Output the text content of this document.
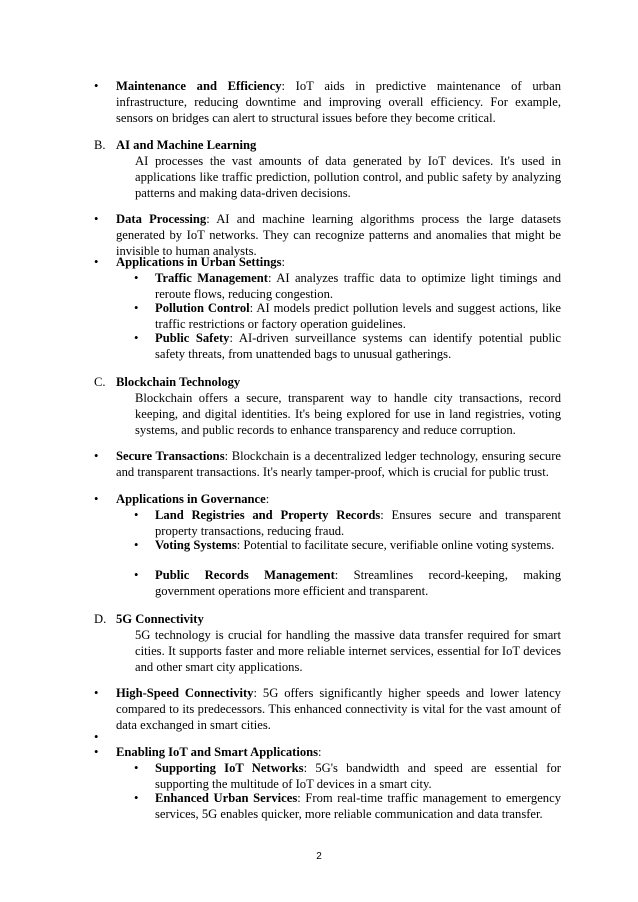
• Maintenance and Efficiency: IoT aids in predictive maintenance of urban infrastructure, reducing downtime and improving overall efficiency. For example, sensors on bridges can alert to structural issues before they become critical.
B. AI and Machine Learning
AI processes the vast amounts of data generated by IoT devices. It's used in applications like traffic prediction, pollution control, and public safety by analyzing patterns and making data-driven decisions.
• Data Processing: AI and machine learning algorithms process the large datasets generated by IoT networks. They can recognize patterns and anomalies that might be invisible to human analysts.
• Applications in Urban Settings:
• Traffic Management: AI analyzes traffic data to optimize light timings and reroute flows, reducing congestion.
• Pollution Control: AI models predict pollution levels and suggest actions, like traffic restrictions or factory operation guidelines.
• Public Safety: AI-driven surveillance systems can identify potential public safety threats, from unattended bags to unusual gatherings.
C. Blockchain Technology
Blockchain offers a secure, transparent way to handle city transactions, record keeping, and digital identities. It's being explored for use in land registries, voting systems, and public records to enhance transparency and reduce corruption.
• Secure Transactions: Blockchain is a decentralized ledger technology, ensuring secure and transparent transactions. It's nearly tamper-proof, which is crucial for public trust.
• Applications in Governance:
• Land Registries and Property Records: Ensures secure and transparent property transactions, reducing fraud.
• Voting Systems: Potential to facilitate secure, verifiable online voting systems.
• Public Records Management: Streamlines record-keeping, making government operations more efficient and transparent.
D. 5G Connectivity
5G technology is crucial for handling the massive data transfer required for smart cities. It supports faster and more reliable internet services, essential for IoT devices and other smart city applications.
• High-Speed Connectivity: 5G offers significantly higher speeds and lower latency compared to its predecessors. This enhanced connectivity is vital for the vast amount of data exchanged in smart cities.
•
• Enabling IoT and Smart Applications:
• Supporting IoT Networks: 5G's bandwidth and speed are essential for supporting the multitude of IoT devices in a smart city.
• Enhanced Urban Services: From real-time traffic management to emergency services, 5G enables quicker, more reliable communication and data transfer.
2
